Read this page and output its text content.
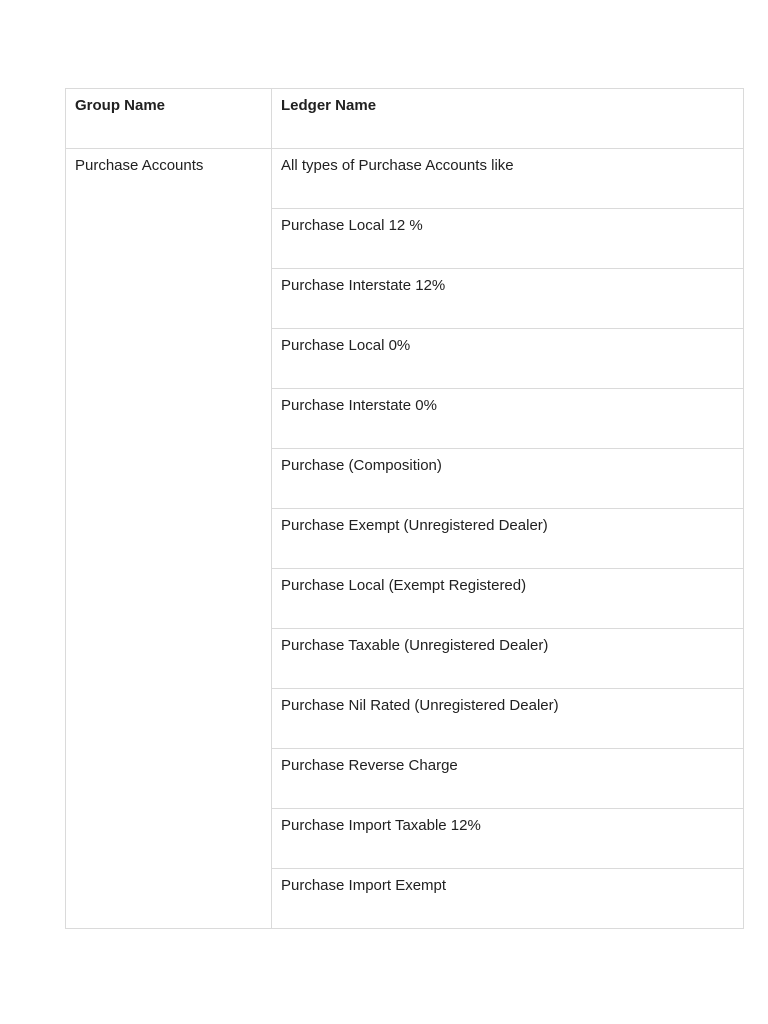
Group Name	Ledger Name
Purchase Accounts	All types of Purchase Accounts like
	Purchase Local 12 %
	Purchase Interstate 12%
	Purchase Local 0%
	Purchase Interstate 0%
	Purchase (Composition)
	Purchase Exempt (Unregistered Dealer)
	Purchase Local (Exempt Registered)
	Purchase Taxable (Unregistered Dealer)
	Purchase Nil Rated (Unregistered Dealer)
	Purchase Reverse Charge
	Purchase Import Taxable 12%
	Purchase Import Exempt
